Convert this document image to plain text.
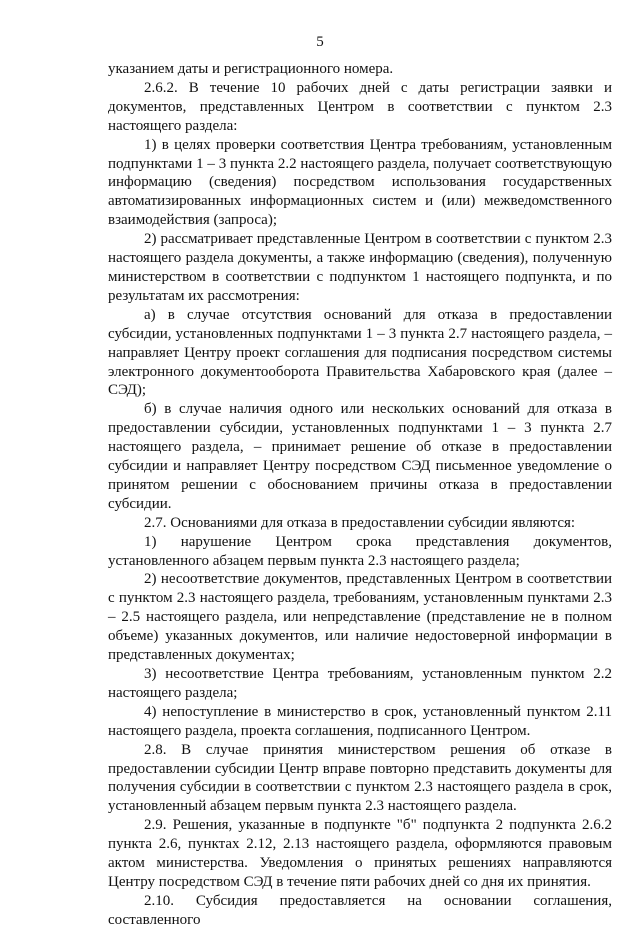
5

указанием даты и регистрационного номера.

2.6.2. В течение 10 рабочих дней с даты регистрации заявки и документов, представленных Центром в соответствии с пунктом 2.3 настоящего раздела:

1) в целях проверки соответствия Центра требованиям, установленным подпунктами 1 – 3 пункта 2.2 настоящего раздела, получает соответствующую информацию (сведения) посредством использования государственных автоматизированных информационных систем и (или) межведомственного взаимодействия (запроса);

2) рассматривает представленные Центром в соответствии с пунктом 2.3 настоящего раздела документы, а также информацию (сведения), полученную министерством в соответствии с подпунктом 1 настоящего подпункта, и по результатам их рассмотрения:

а) в случае отсутствия оснований для отказа в предоставлении субсидии, установленных подпунктами 1 – 3 пункта 2.7 настоящего раздела, – направляет Центру проект соглашения для подписания посредством системы электронного документооборота Правительства Хабаровского края (далее – СЭД);

б) в случае наличия одного или нескольких оснований для отказа в предоставлении субсидии, установленных подпунктами 1 – 3 пункта 2.7 настоящего раздела, – принимает решение об отказе в предоставлении субсидии и направляет Центру посредством СЭД письменное уведомление о принятом решении с обоснованием причины отказа в предоставлении субсидии.

2.7. Основаниями для отказа в предоставлении субсидии являются:

1) нарушение Центром срока представления документов, установленного абзацем первым пункта 2.3 настоящего раздела;

2) несоответствие документов, представленных Центром в соответствии с пунктом 2.3 настоящего раздела, требованиям, установленным пунктами 2.3 – 2.5 настоящего раздела, или непредставление (представление не в полном объеме) указанных документов, или наличие недостоверной информации в представленных документах;

3) несоответствие Центра требованиям, установленным пунктом 2.2 настоящего раздела;

4) непоступление в министерство в срок, установленный пунктом 2.11 настоящего раздела, проекта соглашения, подписанного Центром.

2.8. В случае принятия министерством решения об отказе в предоставлении субсидии Центр вправе повторно представить документы для получения субсидии в соответствии с пунктом 2.3 настоящего раздела в срок, установленный абзацем первым пункта 2.3 настоящего раздела.

2.9. Решения, указанные в подпункте "б" подпункта 2 подпункта 2.6.2 пункта 2.6, пунктах 2.12, 2.13 настоящего раздела, оформляются правовым актом министерства. Уведомления о принятых решениях направляются Центру посредством СЭД в течение пяти рабочих дней со дня их принятия.

2.10. Субсидия предоставляется на основании соглашения, составленного
